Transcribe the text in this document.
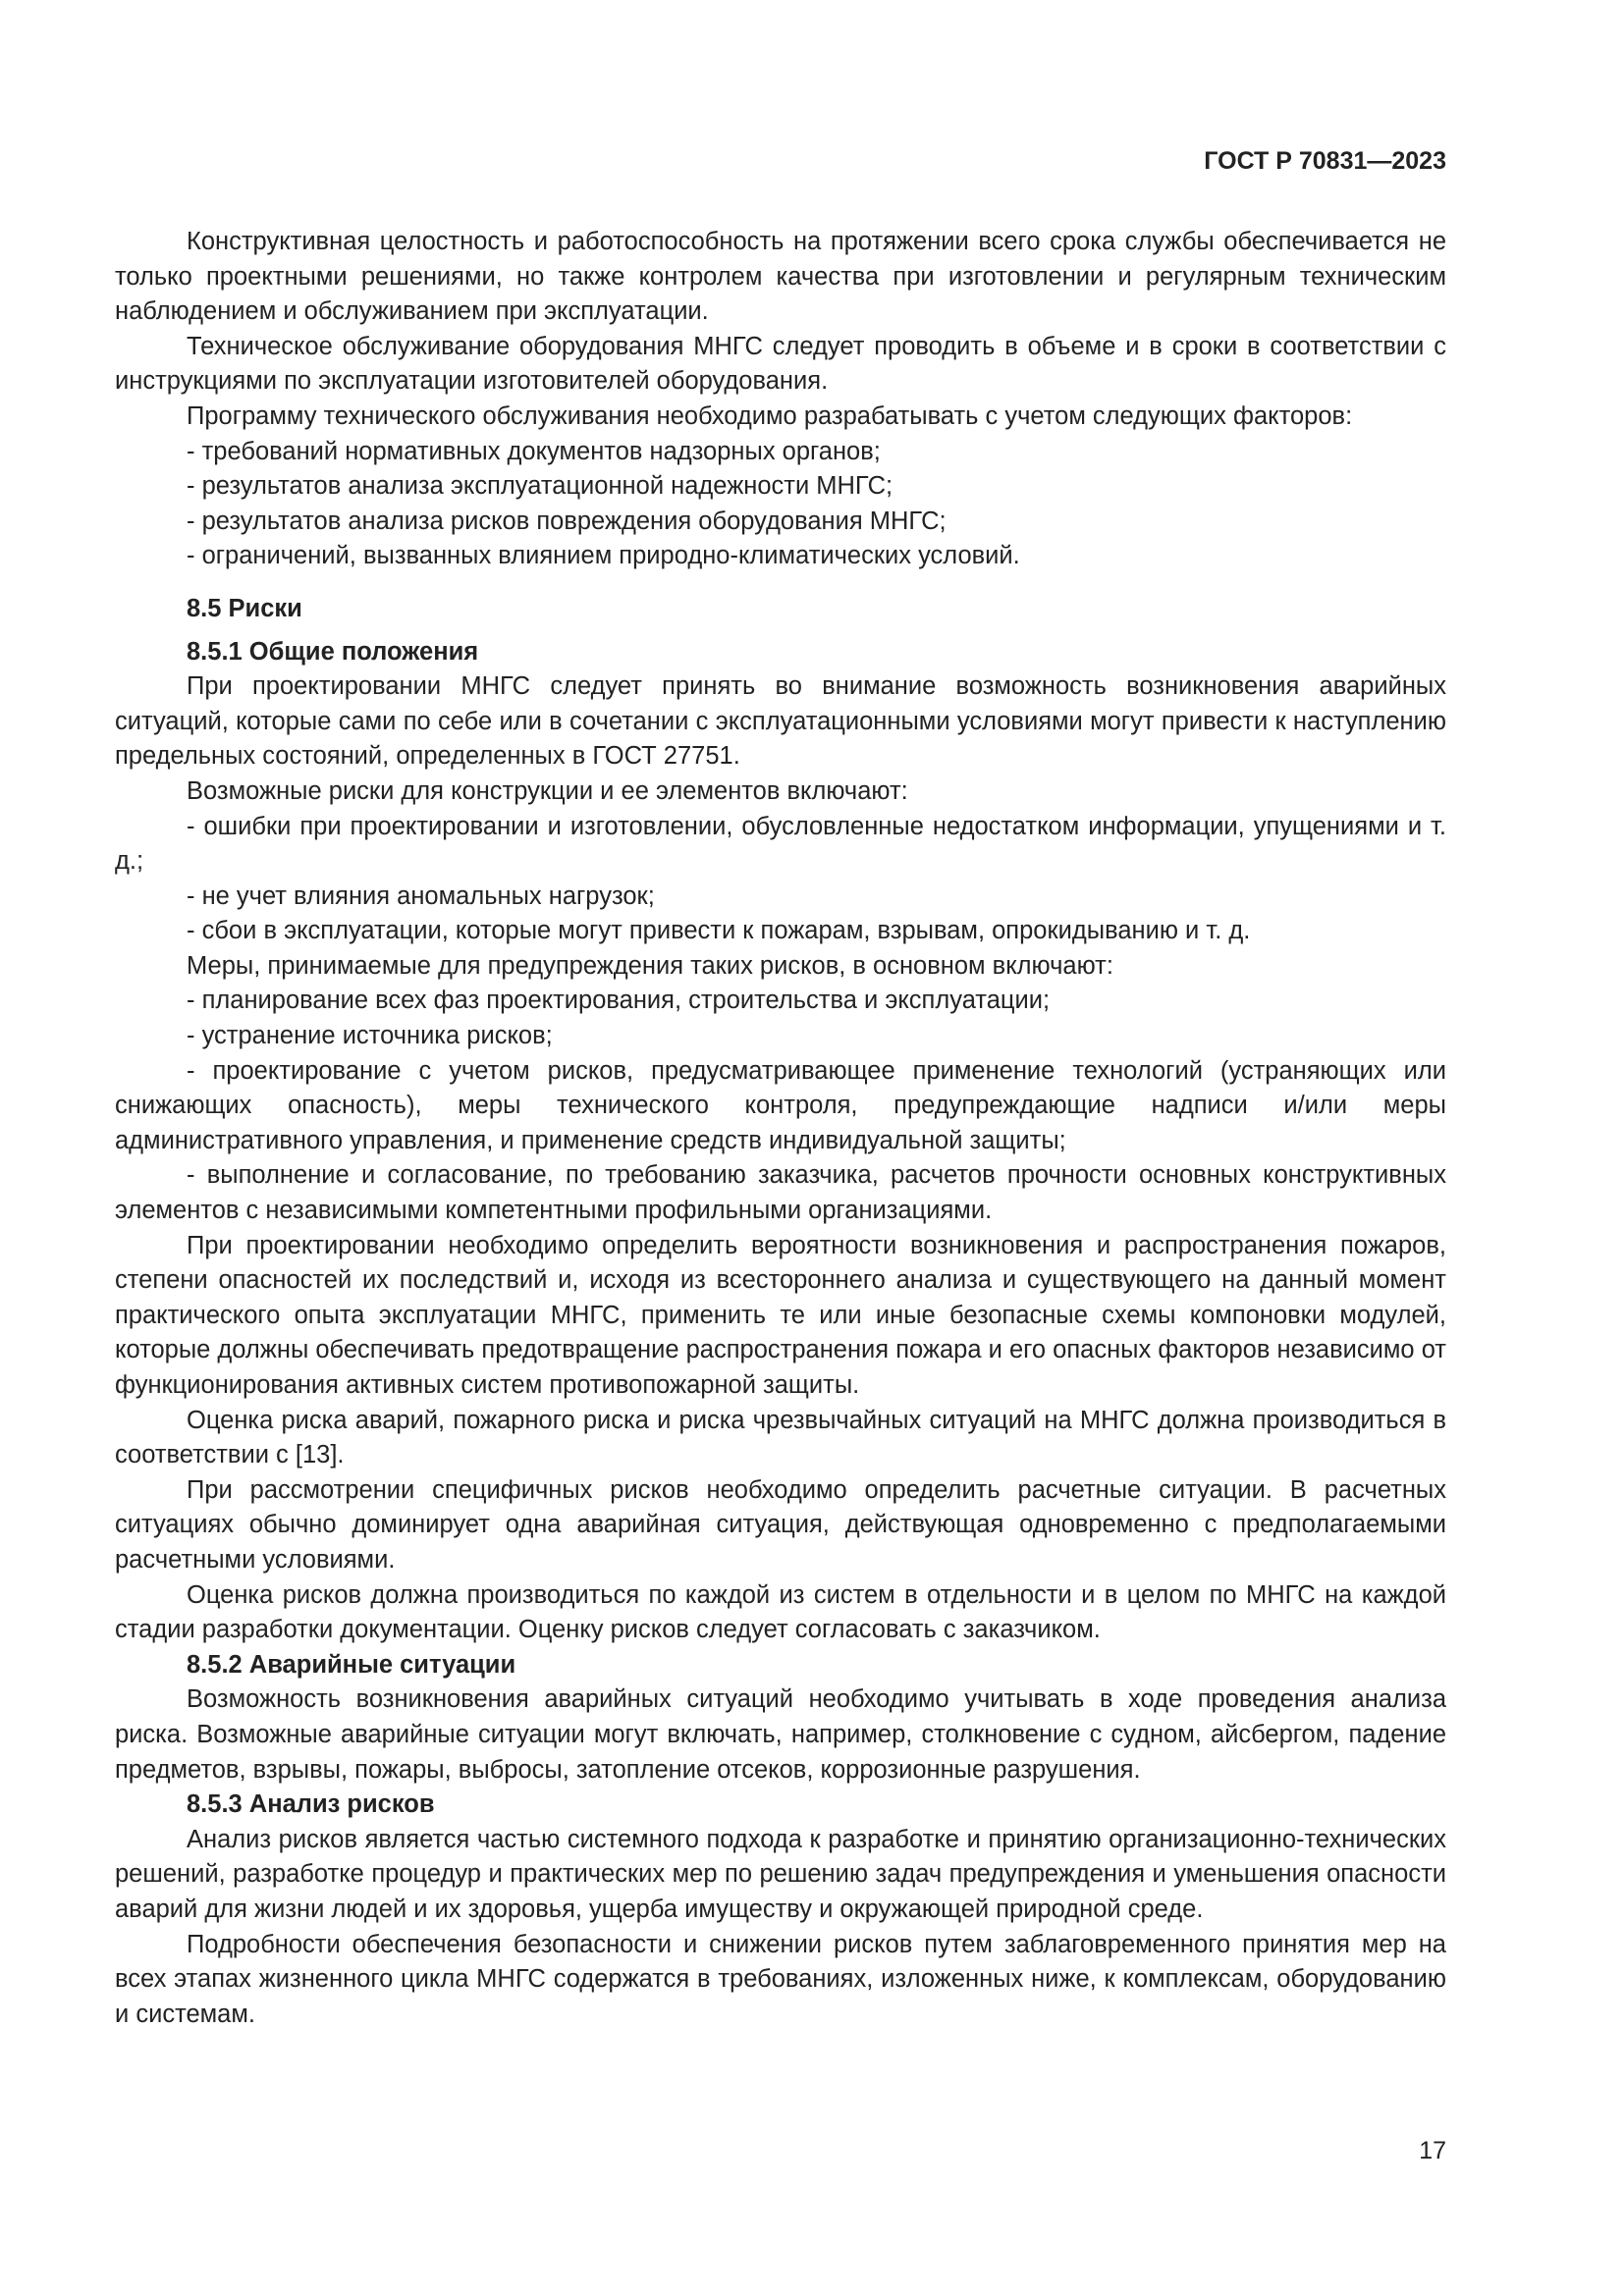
ГОСТ Р 70831—2023

Конструктивная целостность и работоспособность на протяжении всего срока службы обеспечивается не только проектными решениями, но также контролем качества при изготовлении и регулярным техническим наблюдением и обслуживанием при эксплуатации.

Техническое обслуживание оборудования МНГС следует проводить в объеме и в сроки в соответствии с инструкциями по эксплуатации изготовителей оборудования.

Программу технического обслуживания необходимо разрабатывать с учетом следующих факторов:

- требований нормативных документов надзорных органов;

- результатов анализа эксплуатационной надежности МНГС;

- результатов анализа рисков повреждения оборудования МНГС;

- ограничений, вызванных влиянием природно-климатических условий.

8.5 Риски

8.5.1 Общие положения

При проектировании МНГС следует принять во внимание возможность возникновения аварийных ситуаций, которые сами по себе или в сочетании с эксплуатационными условиями могут привести к наступлению предельных состояний, определенных в ГОСТ 27751.

Возможные риски для конструкции и ее элементов включают:

- ошибки при проектировании и изготовлении, обусловленные недостатком информации, упущениями и т. д.;

- не учет влияния аномальных нагрузок;

- сбои в эксплуатации, которые могут привести к пожарам, взрывам, опрокидыванию и т. д.

Меры, принимаемые для предупреждения таких рисков, в основном включают:

- планирование всех фаз проектирования, строительства и эксплуатации;

- устранение источника рисков;

- проектирование с учетом рисков, предусматривающее применение технологий (устраняющих или снижающих опасность), меры технического контроля, предупреждающие надписи и/или меры административного управления, и применение средств индивидуальной защиты;

- выполнение и согласование, по требованию заказчика, расчетов прочности основных конструктивных элементов с независимыми компетентными профильными организациями.

При проектировании необходимо определить вероятности возникновения и распространения пожаров, степени опасностей их последствий и, исходя из всестороннего анализа и существующего на данный момент практического опыта эксплуатации МНГС, применить те или иные безопасные схемы компоновки модулей, которые должны обеспечивать предотвращение распространения пожара и его опасных факторов независимо от функционирования активных систем противопожарной защиты.

Оценка риска аварий, пожарного риска и риска чрезвычайных ситуаций на МНГС должна производиться в соответствии с [13].

При рассмотрении специфичных рисков необходимо определить расчетные ситуации. В расчетных ситуациях обычно доминирует одна аварийная ситуация, действующая одновременно с предполагаемыми расчетными условиями.

Оценка рисков должна производиться по каждой из систем в отдельности и в целом по МНГС на каждой стадии разработки документации. Оценку рисков следует согласовать с заказчиком.

8.5.2 Аварийные ситуации

Возможность возникновения аварийных ситуаций необходимо учитывать в ходе проведения анализа риска. Возможные аварийные ситуации могут включать, например, столкновение с судном, айсбергом, падение предметов, взрывы, пожары, выбросы, затопление отсеков, коррозионные разрушения.

8.5.3 Анализ рисков

Анализ рисков является частью системного подхода к разработке и принятию организационно-технических решений, разработке процедур и практических мер по решению задач предупреждения и уменьшения опасности аварий для жизни людей и их здоровья, ущерба имуществу и окружающей природной среде.

Подробности обеспечения безопасности и снижении рисков путем заблаговременного принятия мер на всех этапах жизненного цикла МНГС содержатся в требованиях, изложенных ниже, к комплексам, оборудованию и системам.

17
